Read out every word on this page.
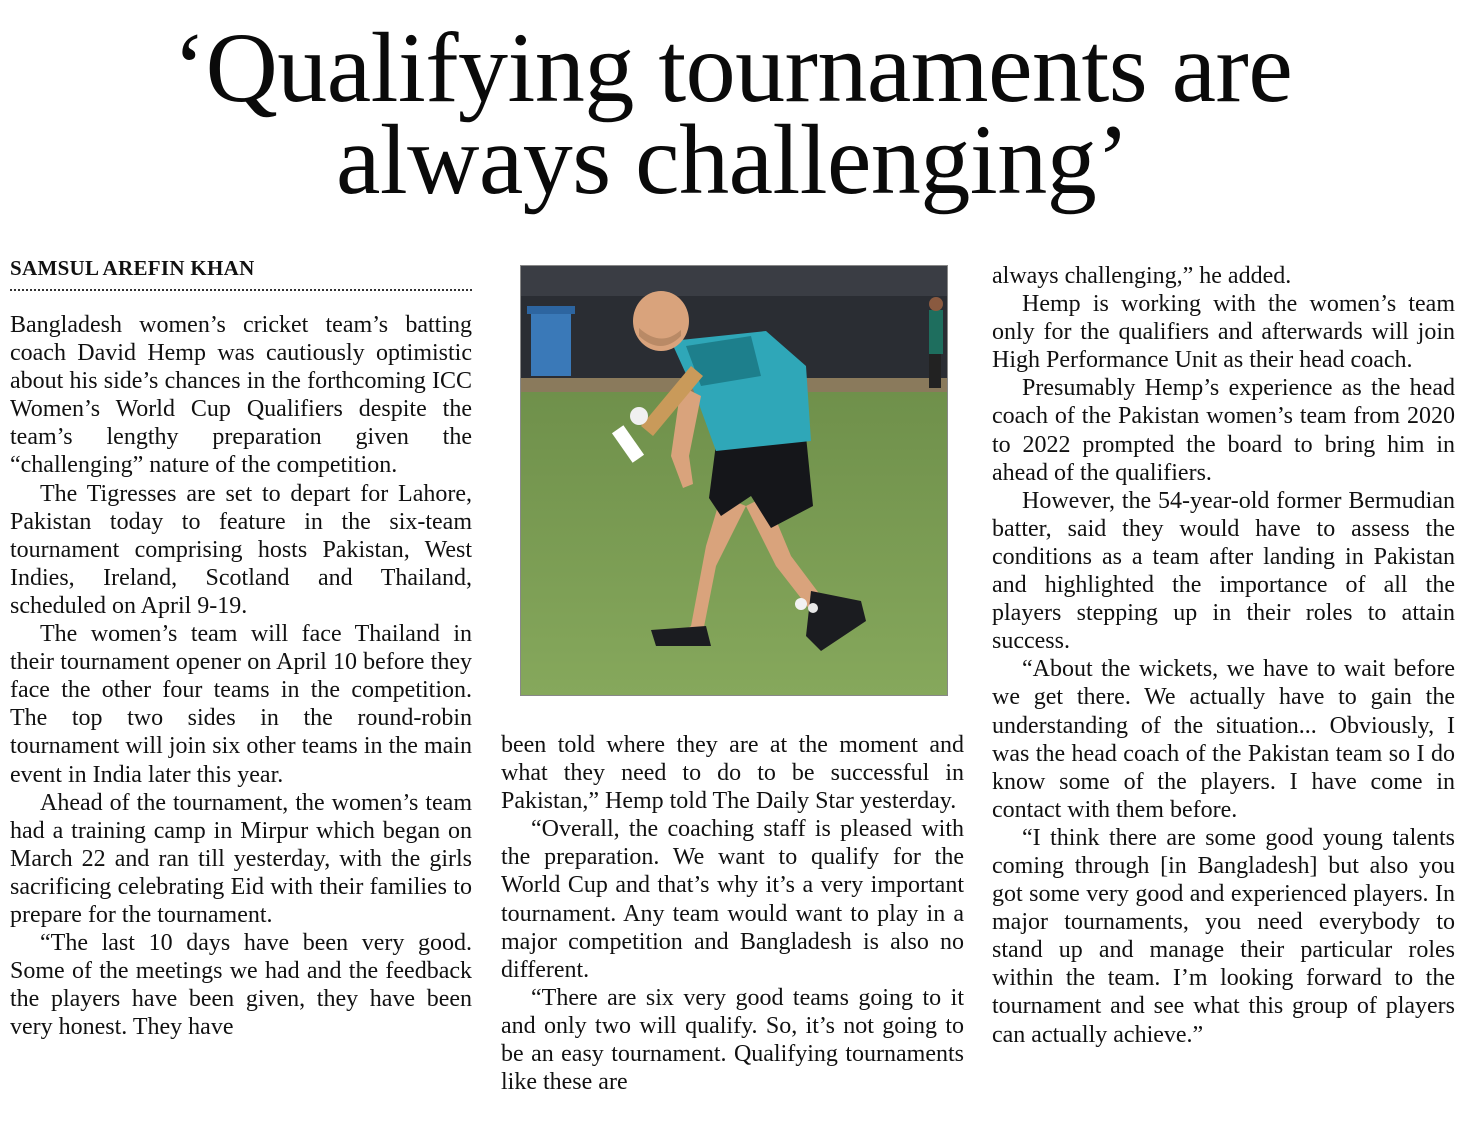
‘Qualifying tournaments are
always challenging’
SAMSUL AREFIN KHAN

Bangladesh women’s cricket team’s batting coach David Hemp was cautiously optimistic about his side’s chances in the forthcoming ICC Women’s World Cup Qualifiers despite the team’s lengthy preparation given the “challenging” nature of the competition.

The Tigresses are set to depart for Lahore, Pakistan today to feature in the six-team tournament comprising hosts Pakistan, West Indies, Ireland, Scotland and Thailand, scheduled on April 9-19.

The women’s team will face Thailand in their tournament opener on April 10 before they face the other four teams in the competition. The top two sides in the round-robin tournament will join six other teams in the main event in India later this year.

Ahead of the tournament, the women’s team had a training camp in Mirpur which began on March 22 and ran till yesterday, with the girls sacrificing celebrating Eid with their families to prepare for the tournament.

“The last 10 days have been very good. Some of the meetings we had and the feedback the players have been given, they have been very honest. They have

been told where they are at the moment and what they need to do to be successful in Pakistan,” Hemp told The Daily Star yesterday.

“Overall, the coaching staff is pleased with the preparation. We want to qualify for the World Cup and that’s why it’s a very important tournament. Any team would want to play in a major competition and Bangladesh is also no different.

“There are six very good teams going to it and only two will qualify. So, it’s not going to be an easy tournament. Qualifying tournaments like these are

always challenging,” he added.

Hemp is working with the women’s team only for the qualifiers and afterwards will join High Performance Unit as their head coach.

Presumably Hemp’s experience as the head coach of the Pakistan women’s team from 2020 to 2022 prompted the board to bring him in ahead of the qualifiers.

However, the 54-year-old former Bermudian batter, said they would have to assess the conditions as a team after landing in Pakistan and highlighted the importance of all the players stepping up in their roles to attain success.

“About the wickets, we have to wait before we get there. We actually have to gain the understanding of the situation... Obviously, I was the head coach of the Pakistan team so I do know some of the players. I have come in contact with them before.

“I think there are some good young talents coming through [in Bangladesh] but also you got some very good and experienced players. In major tournaments, you need everybody to stand up and manage their particular roles within the team. I’m looking forward to the tournament and see what this group of players can actually achieve.”
